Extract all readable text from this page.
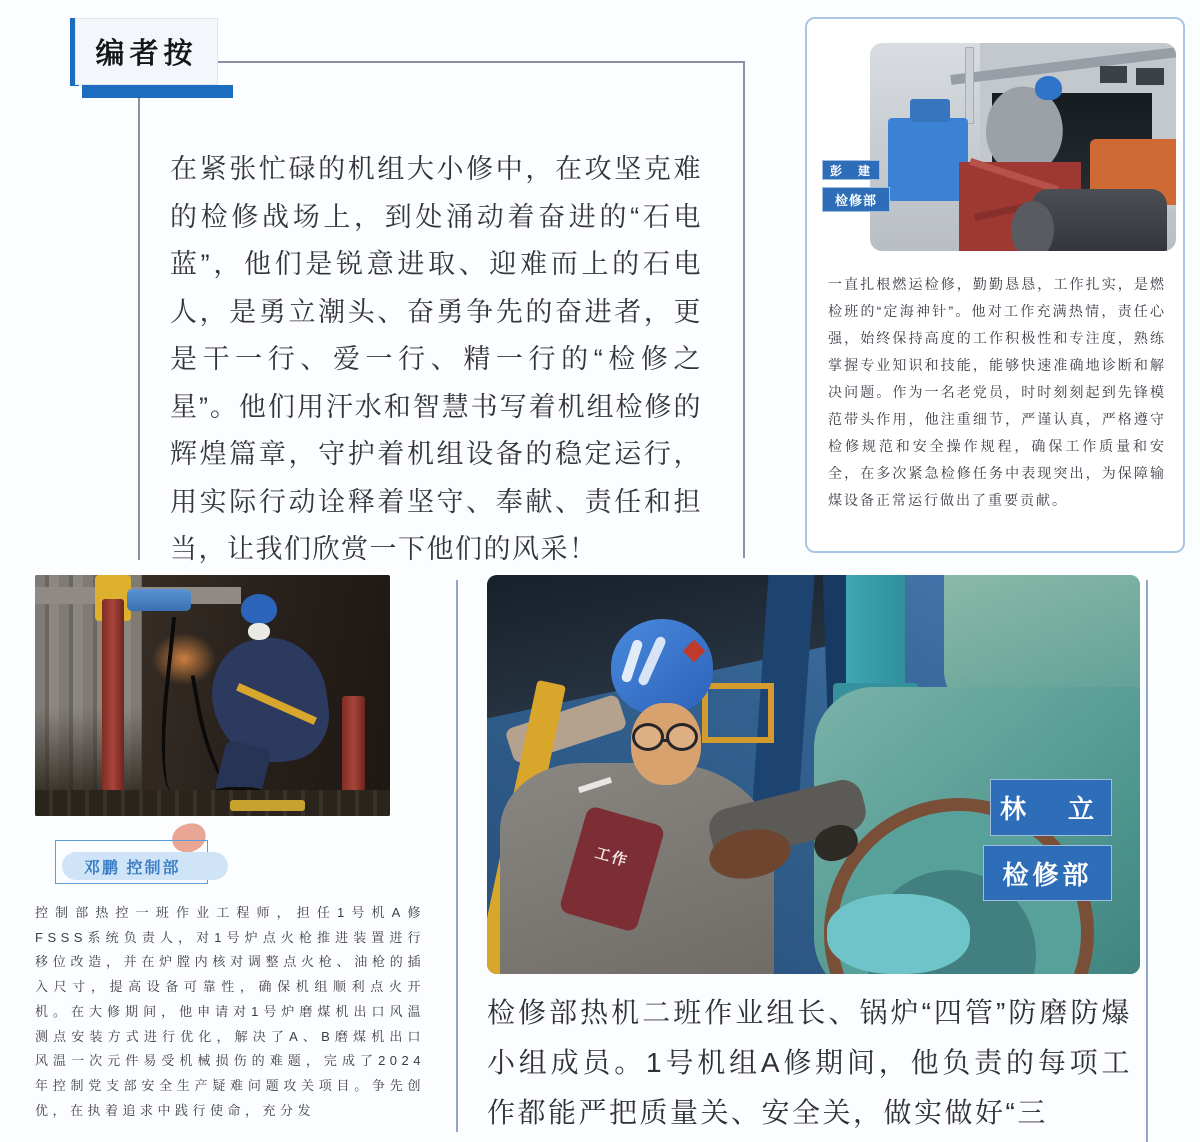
编者按

在紧张忙碌的机组大小修中，在攻坚克难的检修战场上，到处涌动着奋进的“石电蓝”，他们是锐意进取、迎难而上的石电人，是勇立潮头、奋勇争先的奋进者，更是干一行、爱一行、精一行的“检修之星”。他们用汗水和智慧书写着机组检修的辉煌篇章，守护着机组设备的稳定运行，用实际行动诠释着坚守、奉献、责任和担当，让我们欣赏一下他们的风采！

彭　建
检修部

一直扎根燃运检修，勤勤恳恳，工作扎实，是燃检班的“定海神针”。他对工作充满热情，责任心强，始终保持高度的工作积极性和专注度，熟练掌握专业知识和技能，能够快速准确地诊断和解决问题。作为一名老党员，时时刻刻起到先锋模范带头作用，他注重细节，严谨认真，严格遵守检修规范和安全操作规程，确保工作质量和安全，在多次紧急检修任务中表现突出，为保障输煤设备正常运行做出了重要贡献。

邓鹏 控制部

控制部热控一班作业工程师，担任1号机A修FSSS系统负责人，对1号炉点火枪推进装置进行移位改造，并在炉膛内核对调整点火枪、油枪的插入尺寸，提高设备可靠性，确保机组顺利点火开机。在大修期间，他申请对1号炉磨煤机出口风温测点安装方式进行优化，解决了A、B磨煤机出口风温一次元件易受机械损伤的难题，完成了2024年控制党支部安全生产疑难问题攻关项目。争先创优，在执着追求中践行使命，充分发

工作

林　立
检修部

检修部热机二班作业组长、锅炉“四管”防磨防爆小组成员。1号机组A修期间，他负责的每项工作都能严把质量关、安全关，做实做好“三
